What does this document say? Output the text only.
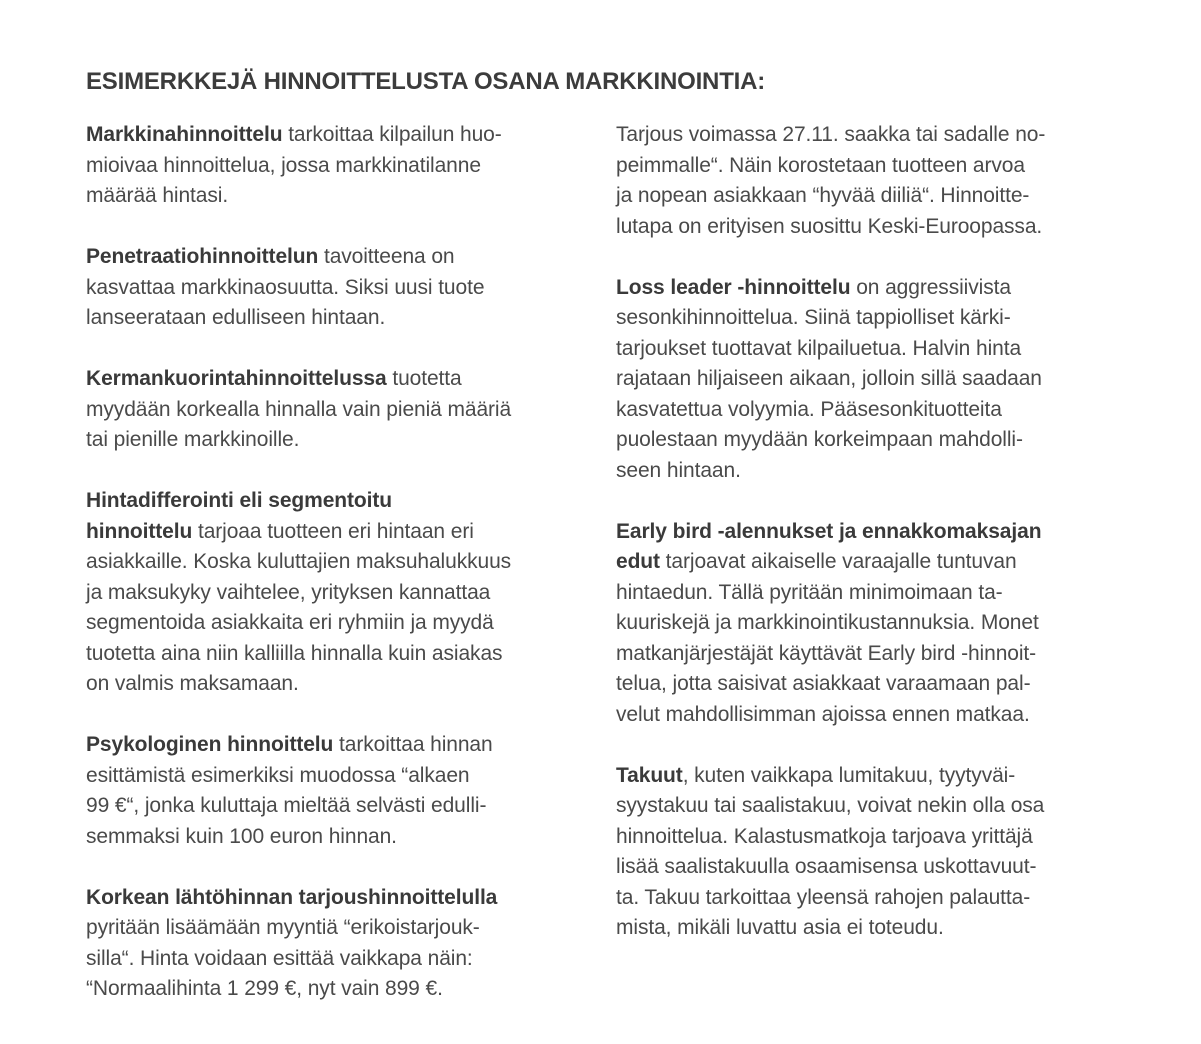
ESIMERKKEJÄ HINNOITTELUSTA OSANA MARKKINOINTIA:

Markkinahinnoittelu tarkoittaa kilpailun huo-
mioivaa hinnoittelua, jossa markkinatilanne
määrää hintasi.

Penetraatiohinnoittelun tavoitteena on
kasvattaa markkinaosuutta. Siksi uusi tuote
lanseerataan edulliseen hintaan.

Kermankuorintahinnoittelussa tuotetta
myydään korkealla hinnalla vain pieniä määriä
tai pienille markkinoille.

Hintadifferointi eli segmentoitu
hinnoittelu tarjoaa tuotteen eri hintaan eri
asiakkaille. Koska kuluttajien maksuhalukkuus
ja maksukyky vaihtelee, yrityksen kannattaa
segmentoida asiakkaita eri ryhmiin ja myydä
tuotetta aina niin kalliilla hinnalla kuin asiakas
on valmis maksamaan.

Psykologinen hinnoittelu tarkoittaa hinnan
esittämistä esimerkiksi muodossa “alkaen
99 €“, jonka kuluttaja mieltää selvästi edulli-
semmaksi kuin 100 euron hinnan.

Korkean lähtöhinnan tarjoushinnoittelulla
pyritään lisäämään myyntiä “erikoistarjouk-
silla“. Hinta voidaan esittää vaikkapa näin:
“Normaalihinta 1 299 €, nyt vain 899 €.

Tarjous voimassa 27.11. saakka tai sadalle no-
peimmalle“. Näin korostetaan tuotteen arvoa
ja nopean asiakkaan “hyvää diiliä“. Hinnoitte-
lutapa on erityisen suosittu Keski-Euroopassa.

Loss leader -hinnoittelu on aggressiivista
sesonkihinnoittelua. Siinä tappiolliset kärki-
tarjoukset tuottavat kilpailuetua. Halvin hinta
rajataan hiljaiseen aikaan, jolloin sillä saadaan
kasvatettua volyymia. Pääsesonkituotteita
puolestaan myydään korkeimpaan mahdolli-
seen hintaan.

Early bird -alennukset ja ennakkomaksajan
edut tarjoavat aikaiselle varaajalle tuntuvan
hintaedun. Tällä pyritään minimoimaan ta-
kuuriskejä ja markkinointikustannuksia. Monet
matkanjärjestäjät käyttävät Early bird -hinnoit-
telua, jotta saisivat asiakkaat varaamaan pal-
velut mahdollisimman ajoissa ennen matkaa.

Takuut, kuten vaikkapa lumitakuu, tyytyväi-
syystakuu tai saalistakuu, voivat nekin olla osa
hinnoittelua. Kalastusmatkoja tarjoava yrittäjä
lisää saalistakuulla osaamisensa uskottavuut-
ta. Takuu tarkoittaa yleensä rahojen palautta-
mista, mikäli luvattu asia ei toteudu.
